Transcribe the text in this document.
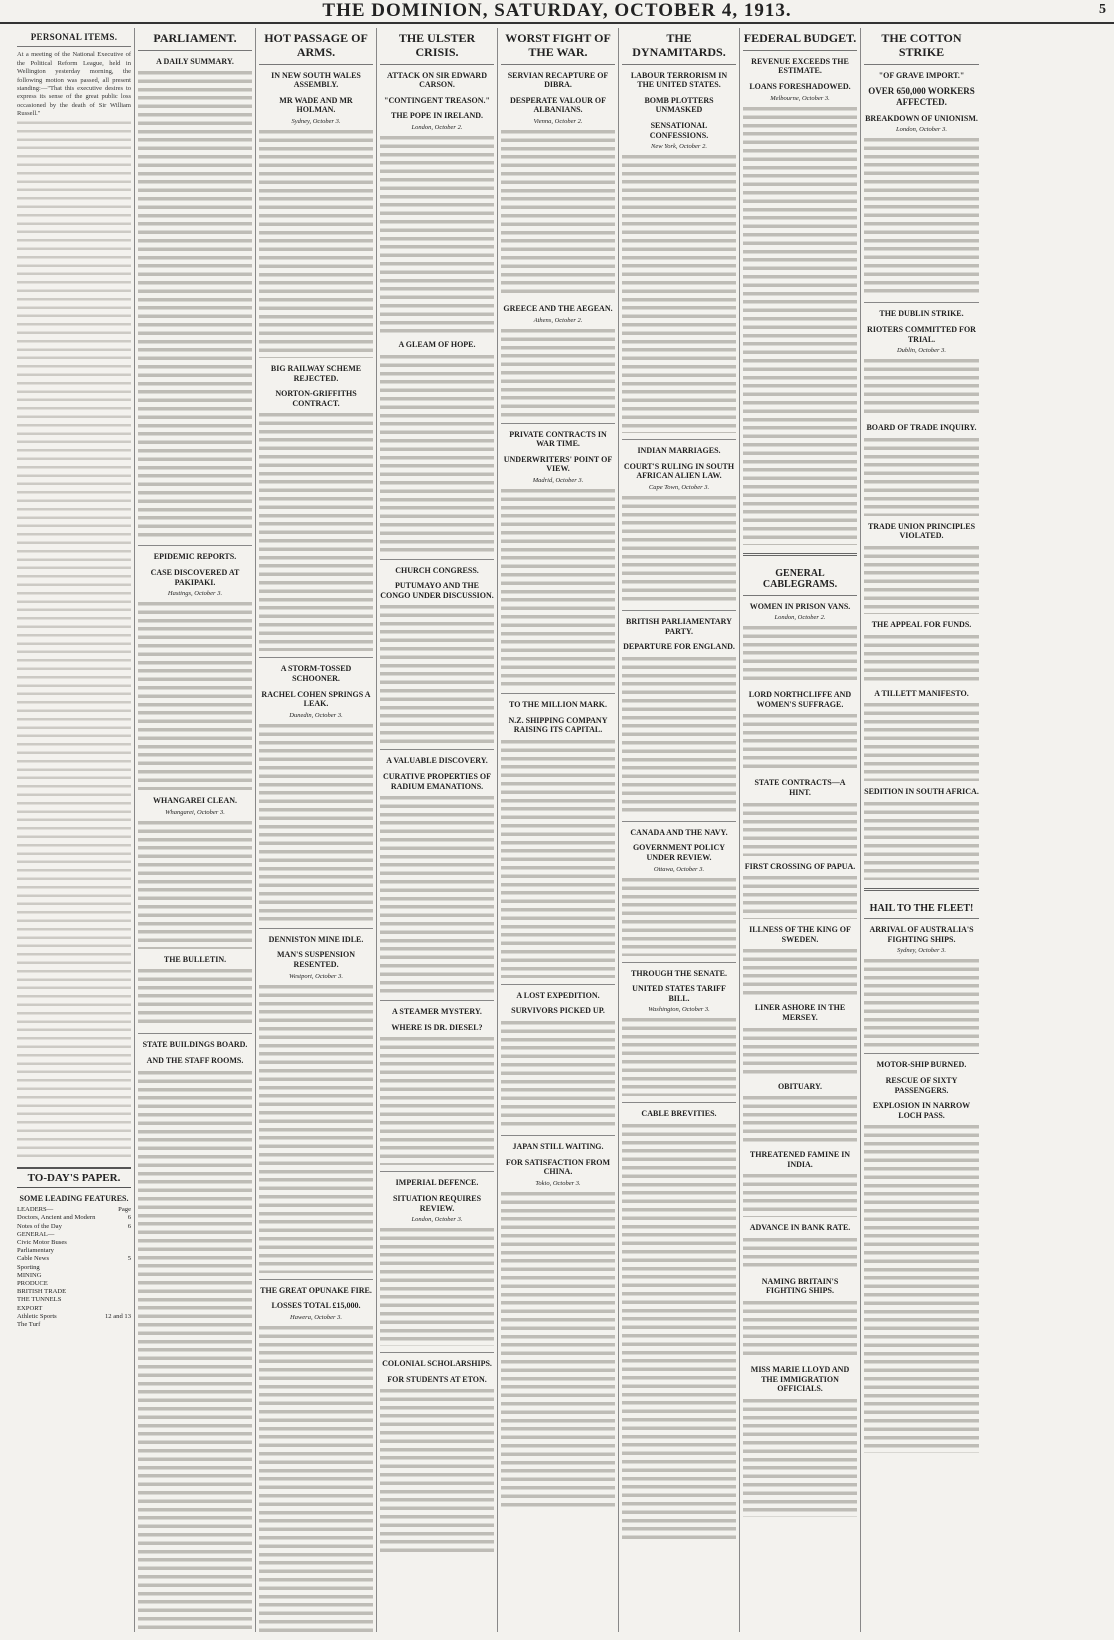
THE DOMINION, SATURDAY, OCTOBER 4, 1913.	5
PERSONAL ITEMS.
At a meeting of the National Executive of the Political Reform League, held in Wellington yesterday morning, the following motion was passed, all present standing:—"That this executive desires to express its sense of the great public loss occasioned by the death of Sir William Russell."
TO-DAY'S PAPER.
SOME LEADING FEATURES.
LEADERS—	Page
Doctors, Ancient and Modern	6
Notes of the Day	6
GENERAL—
Civic Motor Buses
Parliamentary
Cable News	5
Sporting
MINING
PRODUCE
BRITISH TRADE
THE TUNNELS
EXPORT
Athletic Sports	12 and 13
The Turf
PARLIAMENT.
A DAILY SUMMARY.
EPIDEMIC REPORTS.
CASE DISCOVERED AT PAKIPAKI.
Hastings, October 3.
WHANGAREI CLEAN.
Whangarei, October 3.
THE BULLETIN.
STATE BUILDINGS BOARD.
AND THE STAFF ROOMS.
HOT PASSAGE OF ARMS.
IN NEW SOUTH WALES ASSEMBLY.
MR WADE AND MR HOLMAN.
Sydney, October 3.
BIG RAILWAY SCHEME REJECTED.
NORTON-GRIFFITHS CONTRACT.
A STORM-TOSSED SCHOONER.
RACHEL COHEN SPRINGS A LEAK.
Dunedin, October 3.
DENNISTON MINE IDLE.
MAN'S SUSPENSION RESENTED.
Westport, October 3.
THE GREAT OPUNAKE FIRE.
LOSSES TOTAL £15,000.
Hawera, October 3.
THE ULSTER CRISIS.
ATTACK ON SIR EDWARD CARSON.
"CONTINGENT TREASON."
THE POPE IN IRELAND.
London, October 2.
A GLEAM OF HOPE.
CHURCH CONGRESS.
PUTUMAYO AND THE CONGO UNDER DISCUSSION.
A VALUABLE DISCOVERY.
CURATIVE PROPERTIES OF RADIUM EMANATIONS.
A STEAMER MYSTERY.
WHERE IS DR. DIESEL?
IMPERIAL DEFENCE.
SITUATION REQUIRES REVIEW.
London, October 3.
COLONIAL SCHOLARSHIPS.
FOR STUDENTS AT ETON.
WORST FIGHT OF THE WAR.
SERVIAN RECAPTURE OF DIBRA.
DESPERATE VALOUR OF ALBANIANS.
Vienna, October 2.
GREECE AND THE AEGEAN.
Athens, October 2.
PRIVATE CONTRACTS IN WAR TIME.
UNDERWRITERS' POINT OF VIEW.
Madrid, October 3.
TO THE MILLION MARK.
N.Z. SHIPPING COMPANY RAISING ITS CAPITAL.
A LOST EXPEDITION.
SURVIVORS PICKED UP.
JAPAN STILL WAITING.
FOR SATISFACTION FROM CHINA.
Tokio, October 3.
THE DYNAMITARDS.
LABOUR TERRORISM IN THE UNITED STATES.
BOMB PLOTTERS UNMASKED
SENSATIONAL CONFESSIONS.
New York, October 2.
INDIAN MARRIAGES.
COURT'S RULING IN SOUTH AFRICAN ALIEN LAW.
Cape Town, October 3.
BRITISH PARLIAMENTARY PARTY.
DEPARTURE FOR ENGLAND.
CANADA AND THE NAVY.
GOVERNMENT POLICY UNDER REVIEW.
Ottawa, October 3.
THROUGH THE SENATE.
UNITED STATES TARIFF BILL.
Washington, October 3.
CABLE BREVITIES.
FEDERAL BUDGET.
REVENUE EXCEEDS THE ESTIMATE.
LOANS FORESHADOWED.
Melbourne, October 3.
GENERAL CABLEGRAMS.
WOMEN IN PRISON VANS.
London, October 2.
LORD NORTHCLIFFE AND WOMEN'S SUFFRAGE.
STATE CONTRACTS—A HINT.
FIRST CROSSING OF PAPUA.
ILLNESS OF THE KING OF SWEDEN.
LINER ASHORE IN THE MERSEY.
OBITUARY.
THREATENED FAMINE IN INDIA.
ADVANCE IN BANK RATE.
NAMING BRITAIN'S FIGHTING SHIPS.
MISS MARIE LLOYD AND THE IMMIGRATION OFFICIALS.
THE COTTON STRIKE
"OF GRAVE IMPORT."
OVER 650,000 WORKERS AFFECTED.
BREAKDOWN OF UNIONISM.
London, October 3.
THE DUBLIN STRIKE.
RIOTERS COMMITTED FOR TRIAL.
Dublin, October 3.
BOARD OF TRADE INQUIRY.
TRADE UNION PRINCIPLES VIOLATED.
THE APPEAL FOR FUNDS.
A TILLETT MANIFESTO.
SEDITION IN SOUTH AFRICA.
HAIL TO THE FLEET!
ARRIVAL OF AUSTRALIA'S FIGHTING SHIPS.
Sydney, October 3.
MOTOR-SHIP BURNED.
RESCUE OF SIXTY PASSENGERS.
EXPLOSION IN NARROW LOCH PASS.
